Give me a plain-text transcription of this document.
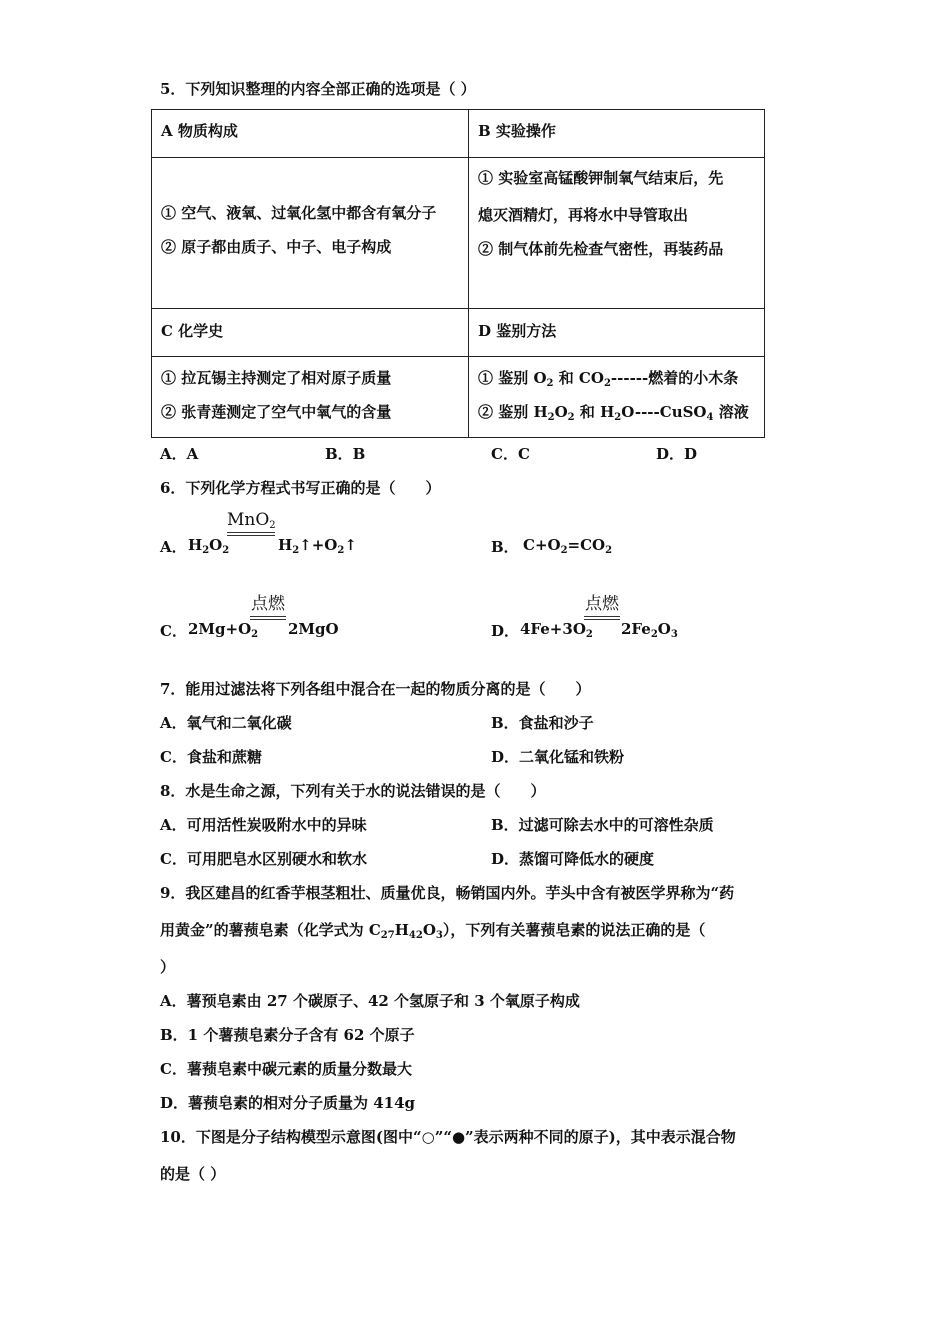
5．下列知识整理的内容全部正确的选项是（ ）
A 物质构成
① 空气、液氧、过氧化氢中都含有氧分子
② 原子都由质子、中子、电子构成
B 实验操作
① 实验室高锰酸钾制氧气结束后，先
熄灭酒精灯，再将水中导管取出
② 制气体前先检查气密性，再装药品
C 化学史
① 拉瓦锡主持测定了相对原子质量
② 张青莲测定了空气中氧气的含量
D 鉴别方法
① 鉴别 $O_2$ 和 $CO_2------$燃着的小木条
② 鉴别 $H_2O_2$ 和 $H_2O----CuSO_4$ 溶液
A．A	B．B	C．C	D．D
6．下列化学方程式书写正确的是（　　）
A． $H_2O_2$
MnO$_2$
$H_2↑+O_2↑$	B． $C+O_2=CO_2$
C． $2Mg+O_2$
点燃
2MgO	D． $4Fe+3O_2$
点燃
$2Fe_2O_3$
7．能用过滤法将下列各组中混合在一起的物质分离的是（　　）
A．氧气和二氧化碳	B．食盐和沙子
C．食盐和蔗糖	D．二氧化锰和铁粉
8．水是生命之源，下列有关于水的说法错误的是（　　）
A．可用活性炭吸附水中的异味	B．过滤可除去水中的可溶性杂质
C．可用肥皂水区别硬水和软水	D．蒸馏可降低水的硬度
9．我区建昌的红香芋根茎粗壮、质量优良，畅销国内外。芋头中含有被医学界称为“药
用黄金”的薯蓣皂素（化学式为 $C_{27}H_{42}O_3$），下列有关薯蓣皂素的说法正确的是（
）
A．薯预皂素由 27 个碳原子、42 个氢原子和 3 个氧原子构成
B．1 个薯蓣皂素分子含有 62 个原子
C．薯蓣皂素中碳元素的质量分数最大
D．薯蓣皂素的相对分子质量为 414g
10．下图是分子结构模型示意图(图中“○”“●”表示两种不同的原子)，其中表示混合物
的是（ ）
